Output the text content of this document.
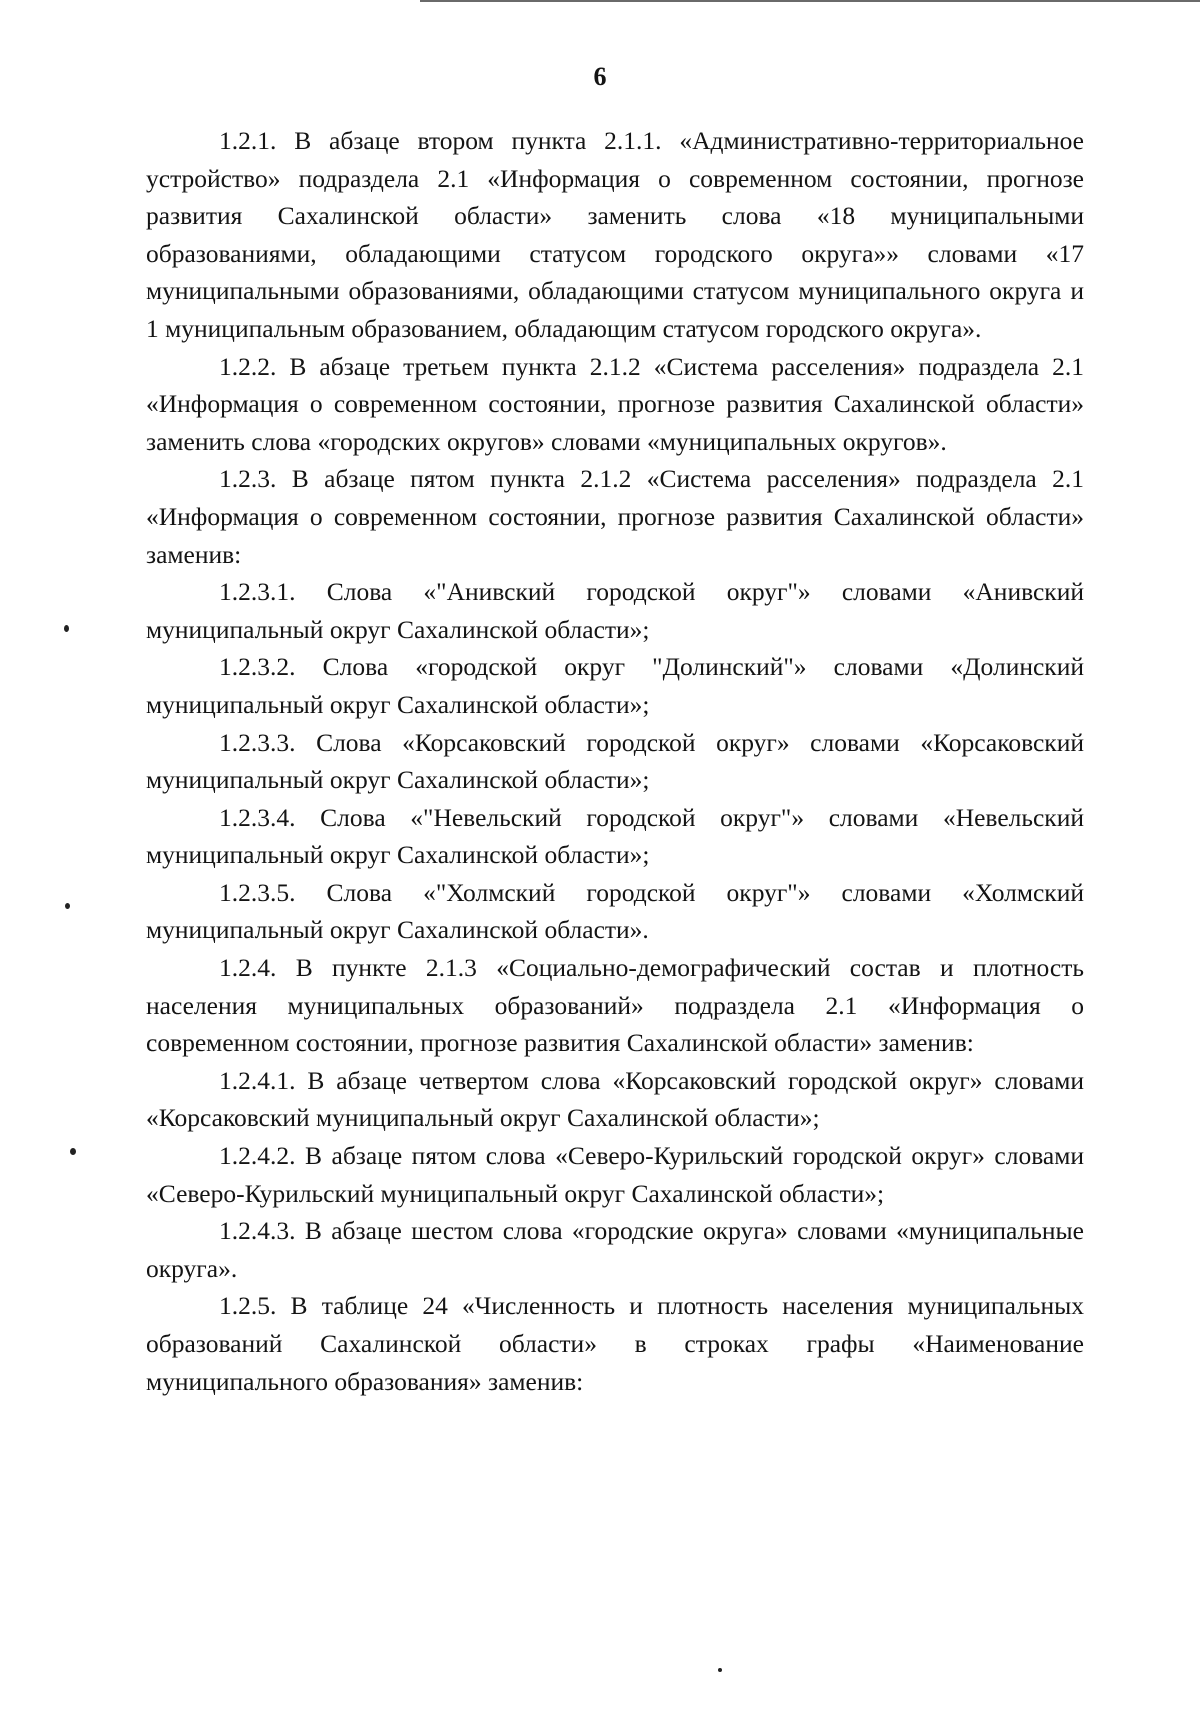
6

1.2.1. В абзаце втором пункта 2.1.1. «Административно-территориальное устройство» подраздела 2.1 «Информация о современном состоянии, прогнозе развития Сахалинской области» заменить слова «18 муниципальными образованиями, обладающими статусом городского округа»» словами «17 муниципальными образованиями, обладающими статусом муниципального округа и 1 муниципальным образованием, обладающим статусом городского округа».

1.2.2. В абзаце третьем пункта 2.1.2 «Система расселения» подраздела 2.1 «Информация о современном состоянии, прогнозе развития Сахалинской области» заменить слова «городских округов» словами «муниципальных округов».

1.2.3. В абзаце пятом пункта 2.1.2 «Система расселения» подраздела 2.1 «Информация о современном состоянии, прогнозе развития Сахалинской области» заменив:

1.2.3.1. Слова «"Анивский городской округ"» словами «Анивский муниципальный округ Сахалинской области»;

1.2.3.2. Слова «городской округ "Долинский"» словами «Долинский муниципальный округ Сахалинской области»;

1.2.3.3. Слова «Корсаковский городской округ» словами «Корсаковский муниципальный округ Сахалинской области»;

1.2.3.4. Слова «"Невельский городской округ"» словами «Невельский муниципальный округ Сахалинской области»;

1.2.3.5. Слова «"Холмский городской округ"» словами «Холмский муниципальный округ Сахалинской области».

1.2.4. В пункте 2.1.3 «Социально-демографический состав и плотность населения муниципальных образований» подраздела 2.1 «Информация о современном состоянии, прогнозе развития Сахалинской области» заменив:

1.2.4.1. В абзаце четвертом слова «Корсаковский городской округ» словами «Корсаковский муниципальный округ Сахалинской области»;

1.2.4.2. В абзаце пятом слова «Северо-Курильский городской округ» словами «Северо-Курильский муниципальный округ Сахалинской области»;

1.2.4.3. В абзаце шестом слова «городские округа» словами «муниципальные округа».

1.2.5. В таблице 24 «Численность и плотность населения муниципальных образований Сахалинской области» в строках графы «Наименование муниципального образования» заменив:
